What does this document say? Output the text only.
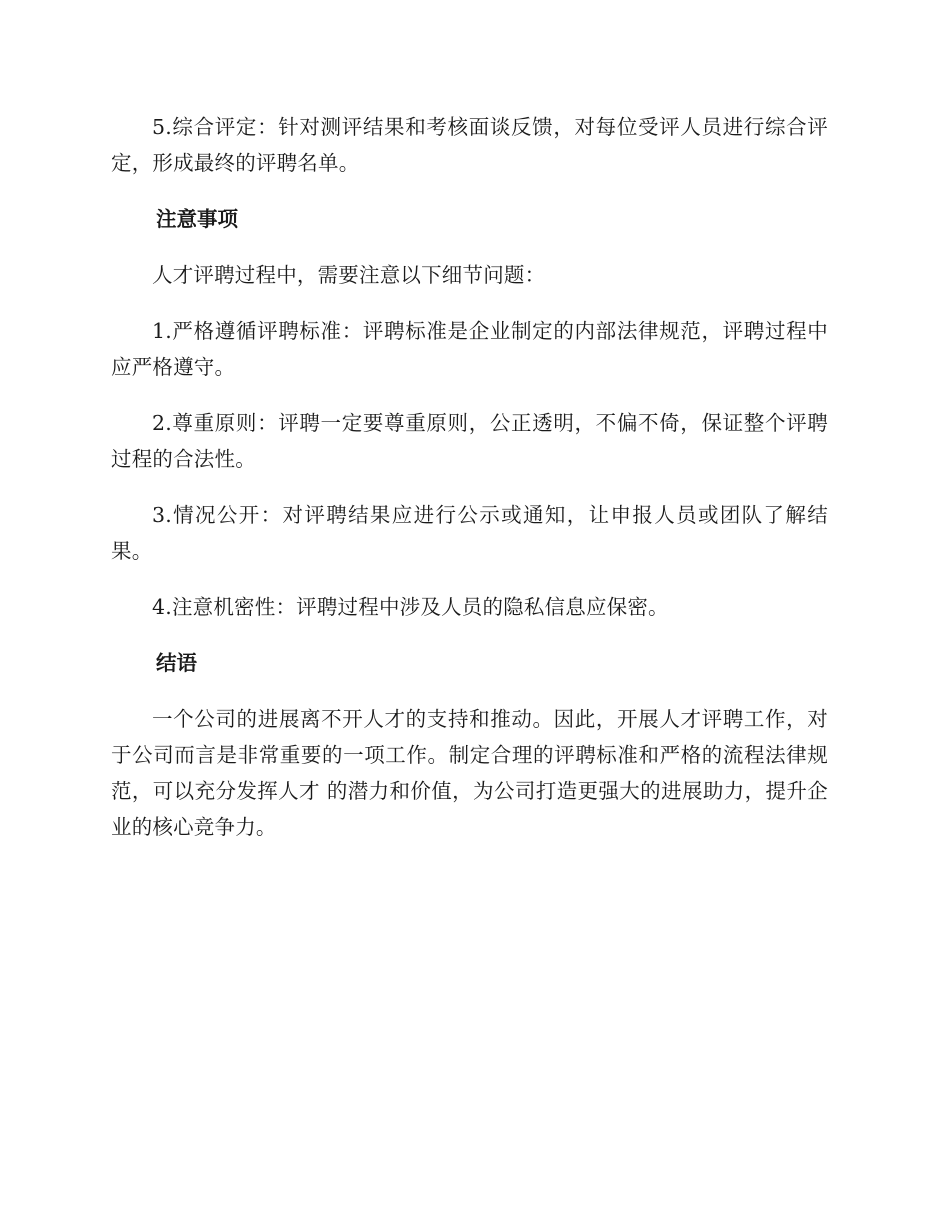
5.综合评定：针对测评结果和考核面谈反馈，对每位受评人员进行综合评定，形成最终的评聘名单。

注意事项

人才评聘过程中，需要注意以下细节问题：

1.严格遵循评聘标准：评聘标准是企业制定的内部法律规范，评聘过程中应严格遵守。

2.尊重原则：评聘一定要尊重原则，公正透明，不偏不倚，保证整个评聘过程的合法性。

3.情况公开：对评聘结果应进行公示或通知，让申报人员或团队了解结果。

4.注意机密性：评聘过程中涉及人员的隐私信息应保密。

结语

一个公司的进展离不开人才的支持和推动。因此，开展人才评聘工作，对于公司而言是非常重要的一项工作。制定合理的评聘标准和严格的流程法律规范，可以充分发挥人才 的潜力和价值，为公司打造更强大的进展助力，提升企业的核心竞争力。
